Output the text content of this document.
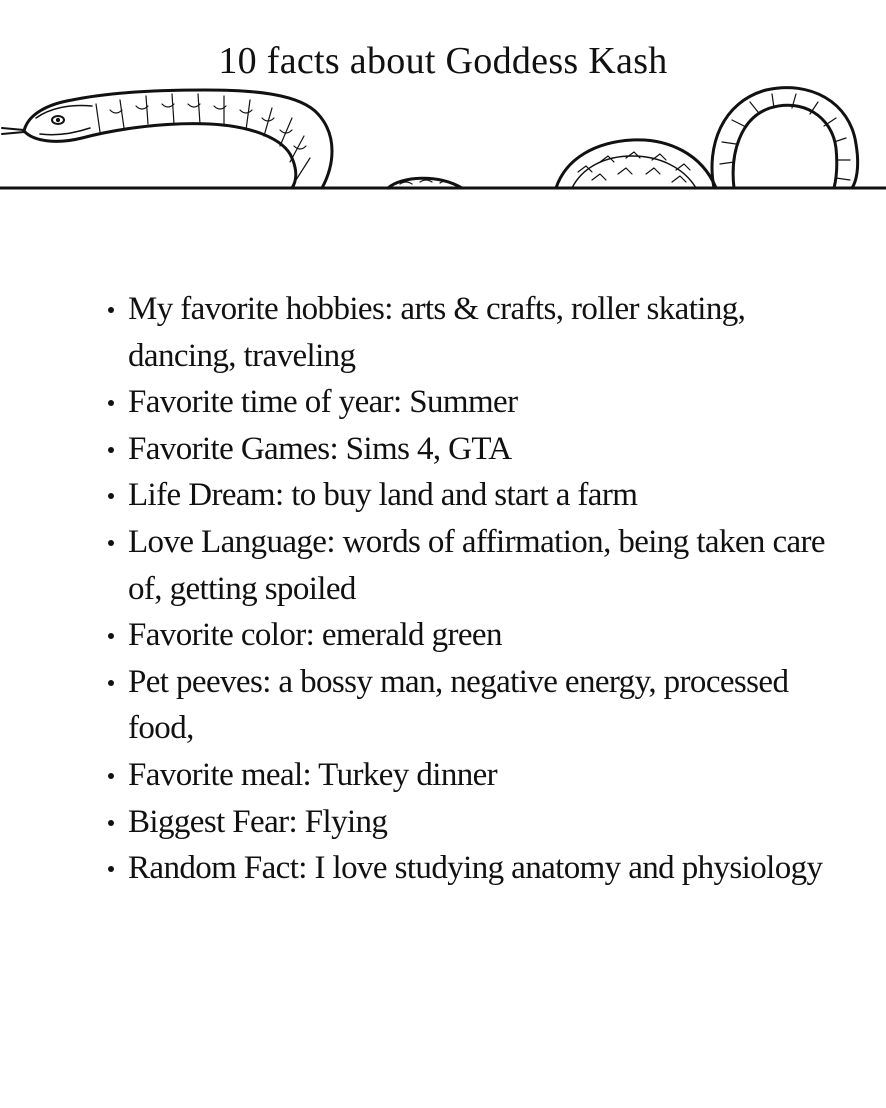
10 facts about Goddess Kash
My favorite hobbies: arts & crafts, roller skating, dancing, traveling
Favorite time of year: Summer
Favorite Games: Sims 4, GTA
Life Dream: to buy land and start a farm
Love Language: words of affirmation, being taken care of, getting spoiled
Favorite color: emerald green
Pet peeves: a bossy man, negative energy, processed food,
Favorite meal: Turkey dinner
Biggest Fear: Flying
Random Fact: I love studying anatomy and physiology
